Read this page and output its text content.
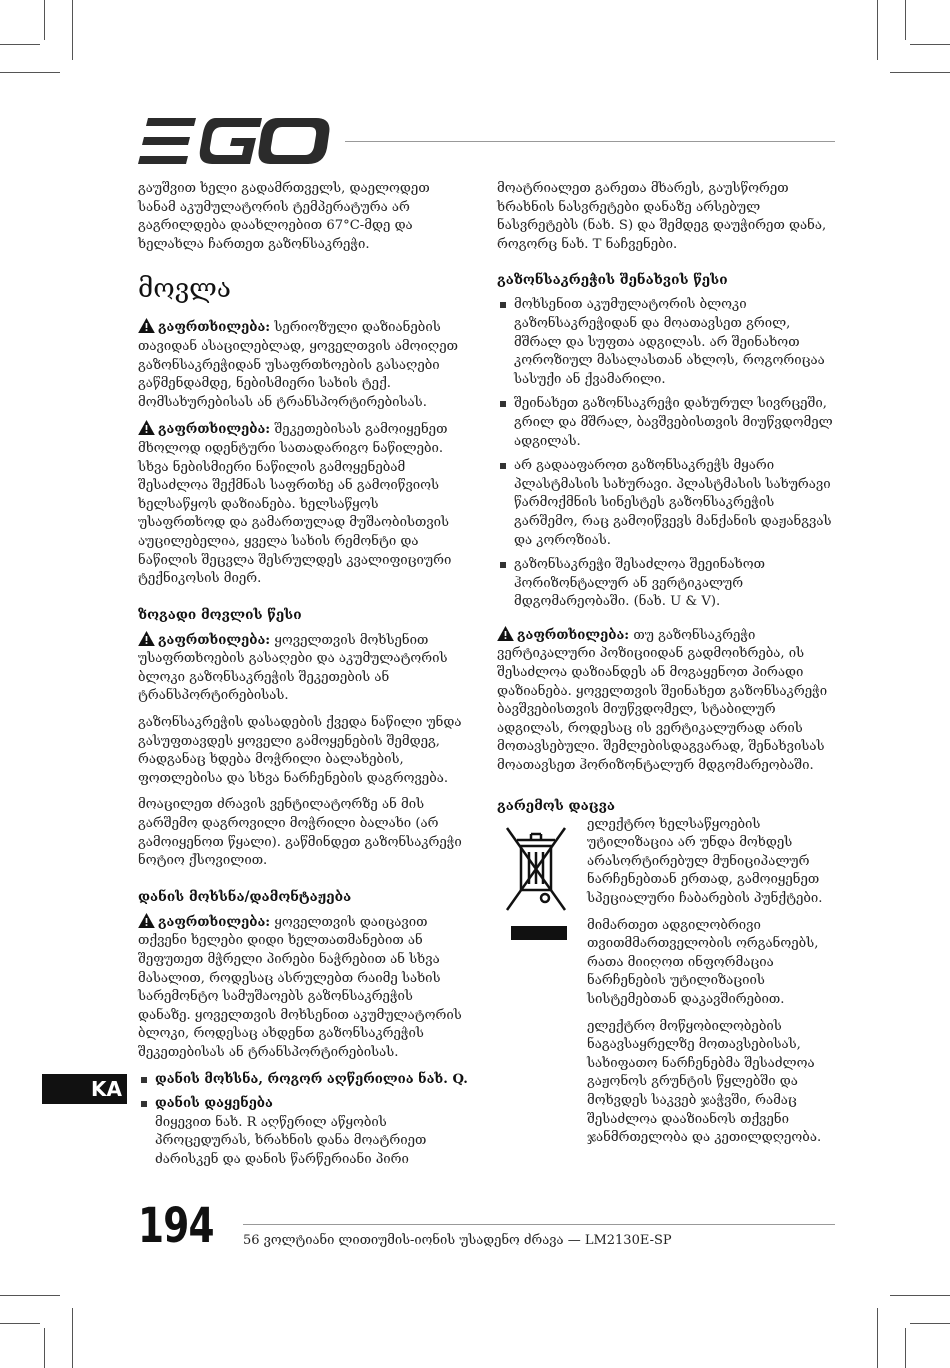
გაუშვით ხელი გადამრთველს, დაელოდეთ სანამ აკუმულატორის ტემპერატურა არ გაგრილდება დაახლოებით 67°C-მდე და ხელახლა ჩართეთ გაზონსაკრეჭი.

მოვლა

გაფრთხილება: სერიოზული დაზიანების თავიდან ასაცილებლად, ყოველთვის ამოიღეთ გაზონსაკრეჭიდან უსაფრთხოების გასაღები გაწმენდამდე, ნებისმიერი სახის ტექ. მომსახურებისას ან ტრანსპორტირებისას.

გაფრთხილება: შეკეთებისას გამოიყენეთ მხოლოდ იდენტური სათადარიგო ნაწილები. სხვა ნებისმიერი ნაწილის გამოყენებამ შესაძლოა შექმნას საფრთხე ან გამოიწვიოს ხელსაწყოს დაზიანება. ხელსაწყოს უსაფრთხოდ და გამართულად მუშაობისთვის აუცილებელია, ყველა სახის რემონტი და ნაწილის შეცვლა შესრულდეს კვალიფიციური ტექნიკოსის მიერ.

ზოგადი მოვლის წესი

გაფრთხილება: ყოველთვის მოხსენით უსაფრთხოების გასაღები და აკუმულატორის ბლოკი გაზონსაკრეჭის შეკეთების ან ტრანსპორტირებისას.

გაზონსაკრეჭის დასადების ქვედა ნაწილი უნდა გასუფთავდეს ყოველი გამოყენების შემდეგ, რადგანაც ხდება მოჭრილი ბალახების, ფოთლებისა და სხვა ნარჩენების დაგროვება.

მოაცილეთ ძრავის ვენტილატორზე ან მის გარშემო დაგროვილი მოჭრილი ბალახი (არ გამოიყენოთ წყალი). გაწმინდეთ გაზონსაკრეჭი ნოტიო ქსოვილით.

დანის მოხსნა/დამონტაჟება

გაფრთხილება: ყოველთვის დაიცავით თქვენი ხელები დიდი ხელთათმანებით ან შეფუთეთ მჭრელი პირები ნაჭრებით ან სხვა მასალით, როდესაც ასრულებთ რაიმე სახის სარემონტო სამუშაოებს გაზონსაკრეჭის დანაზე. ყოველთვის მოხსენით აკუმულატორის ბლოკი, როდესაც ახდენთ გაზონსაკრეჭის შეკეთებისას ან ტრანსპორტირებისას.

დანის მოხსნა, როგორ აღწერილია ნახ. Q.
დანის დაყენება
მიყევით ნახ. R აღწერილ აწყობის პროცედურას, ხრახნის დანა მოატრიეთ ძარისკენ და დანის წარწერიანი პირი

მოატრიალეთ გარეთა მხარეს, გაუსწორეთ ხრახნის ნასვრეტები დანაზე არსებულ ნასვრეტებს (ნახ. S) და შემდეგ დაუჭირეთ დანა, როგორც ნახ. T ნაჩვენები.

გაზონსაკრეჭის შენახვის წესი
მოხსენით აკუმულატორის ბლოკი გაზონსაკრეჭიდან და მოათავსეთ გრილ, მშრალ და სუფთა ადგილას. არ შეინახოთ კოროზიულ მასალასთან ახლოს, როგორიცაა სასუქი ან ქვამარილი.
შეინახეთ გაზონსაკრეჭი დახურულ სივრცეში, გრილ და მშრალ, ბავშვებისთვის მიუწვდომელ ადგილას.
არ გადააფაროთ გაზონსაკრეჭს მყარი პლასტმასის სახურავი. პლასტმასის სახურავი წარმოქმნის სინესტეს გაზონსაკრეჭის გარშემო, რაც გამოიწვევს მანქანის დაჟანგვას და კოროზიას.
გაზონსაკრეჭი შესაძლოა შეეინახოთ ჰორიზონტალურ ან ვერტიკალურ მდგომარეობაში. (ნახ. U & V).

გაფრთხილება: თუ გაზონსაკრეჭი ვერტიკალური პოზიციიდან გადმოიხრება, ის შესაძლოა დაზიანდეს ან მოგაყენოთ პირადი დაზიანება. ყოველთვის შეინახეთ გაზონსაკრეჭი ბავშვებისთვის მიუწვდომელ, სტაბილურ ადგილას, როდესაც ის ვერტიკალურად არის მოთავსებული. შემლებისდაგვარად, შენახვისას მოათავსეთ ჰორიზონტალურ მდგომარეობაში.

გარემოს დაცვა

ელექტრო ხელსაწყოების უტილიზაცია არ უნდა მოხდეს არასორტირებულ მუნიციპალურ ნარჩენებთან ერთად, გამოიყენეთ სპეციალური ჩაბარების პუნქტები.

მიმართეთ ადგილობრივი თვითმმართველობის ორგანოებს, რათა მიიღოთ ინფორმაცია ნარჩენების უტილიზაციის სისტემებთან დაკავშირებით.

ელექტრო მოწყობილობების ნაგავსაყრელზე მოთავსებისას, სახიფათო ნარჩენებმა შესაძლოა გაჟონოს გრუნტის წყლებში და მოხვდეს საკვებ ჯაჭვში, რამაც შესაძლოა დააზიანოს თქვენი ჯანმრთელობა და კეთილდღეობა.

KA
194 56 ვოლტიანი ლითიუმის-იონის უსადენო ძრავა — LM2130E-SP
